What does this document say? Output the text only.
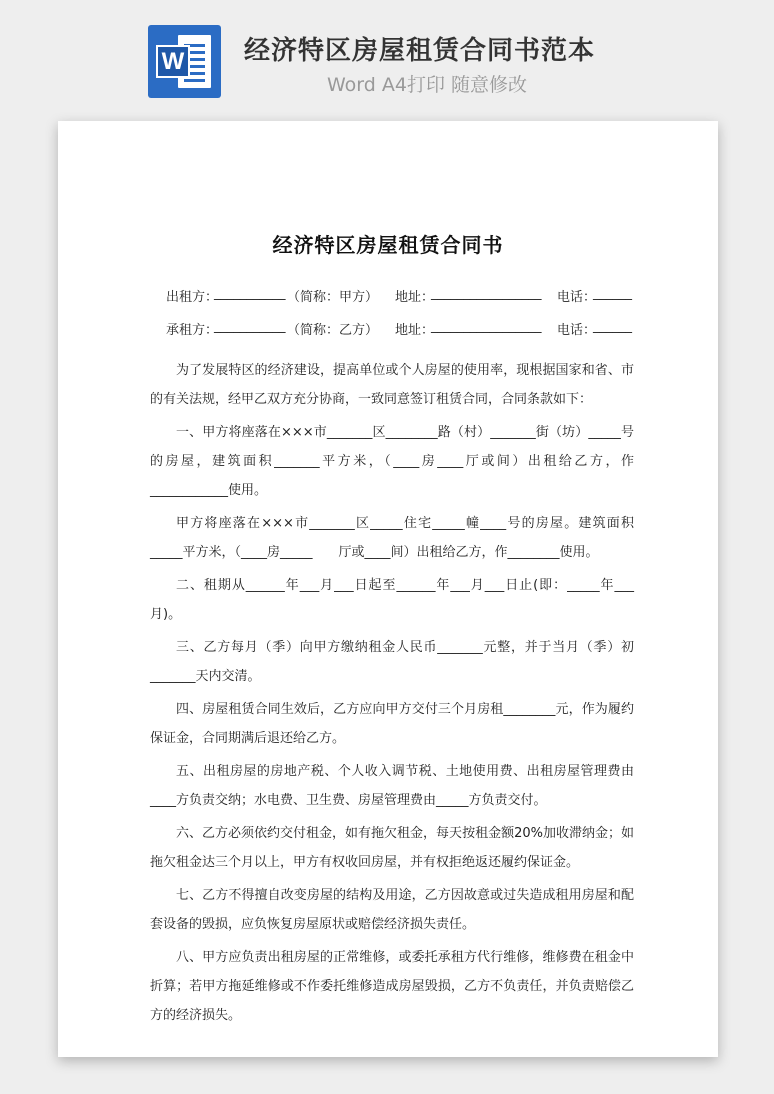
W 经济特区房屋租赁合同书范本
Word A4打印 随意修改
经济特区房屋租赁合同书
出租方：
___________ （简称：甲方） 地址：
_________________ 电话：
______
承租方：
___________ （简称：乙方） 地址：
_________________ 电话：
______

为了发展特区的经济建设，提高单位或个人房屋的使用率，现根据国家和省、市的有关法规，经甲乙双方充分协商，一致同意签订租赁合同，合同条款如下：

一、甲方将座落在×××市_______区________路（村）_______街（坊）_____号的房屋，建筑面积_______平方米，（____房____厅或间）出租给乙方，作____________使用。

甲方将座落在×××市_______区_____住宅_____幢____号的房屋。建筑面积_____平方米，（____房_____　　厅或____间）出租给乙方，作________使用。

二、租期从______年___月___日起至______年___月___日止(即：_____年___月)。

三、乙方每月（季）向甲方缴纳租金人民币_______元整，并于当月（季）初_______天内交清。

四、房屋租赁合同生效后，乙方应向甲方交付三个月房租________元，作为履约保证金，合同期满后退还给乙方。

五、出租房屋的房地产税、个人收入调节税、土地使用费、出租房屋管理费由____方负责交纳；水电费、卫生费、房屋管理费由_____方负责交付。

六、乙方必须依约交付租金，如有拖欠租金，每天按租金额20%加收滞纳金；如拖欠租金达三个月以上，甲方有权收回房屋，并有权拒绝返还履约保证金。

七、乙方不得擅自改变房屋的结构及用途，乙方因故意或过失造成租用房屋和配套设备的毁损，应负恢复房屋原状或赔偿经济损失责任。

八、甲方应负责出租房屋的正常维修，或委托承租方代行维修，维修费在租金中折算；若甲方拖延维修或不作委托维修造成房屋毁损，乙方不负责任，并负责赔偿乙方的经济损失。
